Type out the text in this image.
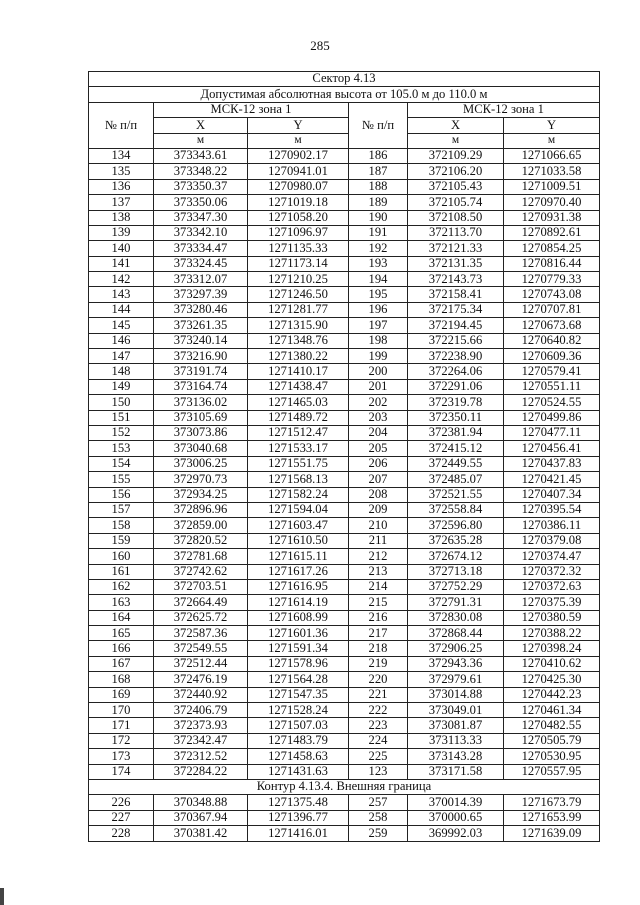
285
Сектор 4.13					
Допустимая абсолютная высота от 105.0 м до 110.0 м					
№ п/п	МСК-12 зона 1		№ п/п	МСК-12 зона 1	
	X	Y		X	Y
	м	м		м	м
134	373343.61	1270902.17	186	372109.29	1271066.65
135	373348.22	1270941.01	187	372106.20	1271033.58
136	373350.37	1270980.07	188	372105.43	1271009.51
137	373350.06	1271019.18	189	372105.74	1270970.40
138	373347.30	1271058.20	190	372108.50	1270931.38
139	373342.10	1271096.97	191	372113.70	1270892.61
140	373334.47	1271135.33	192	372121.33	1270854.25
141	373324.45	1271173.14	193	372131.35	1270816.44
142	373312.07	1271210.25	194	372143.73	1270779.33
143	373297.39	1271246.50	195	372158.41	1270743.08
144	373280.46	1271281.77	196	372175.34	1270707.81
145	373261.35	1271315.90	197	372194.45	1270673.68
146	373240.14	1271348.76	198	372215.66	1270640.82
147	373216.90	1271380.22	199	372238.90	1270609.36
148	373191.74	1271410.17	200	372264.06	1270579.41
149	373164.74	1271438.47	201	372291.06	1270551.11
150	373136.02	1271465.03	202	372319.78	1270524.55
151	373105.69	1271489.72	203	372350.11	1270499.86
152	373073.86	1271512.47	204	372381.94	1270477.11
153	373040.68	1271533.17	205	372415.12	1270456.41
154	373006.25	1271551.75	206	372449.55	1270437.83
155	372970.73	1271568.13	207	372485.07	1270421.45
156	372934.25	1271582.24	208	372521.55	1270407.34
157	372896.96	1271594.04	209	372558.84	1270395.54
158	372859.00	1271603.47	210	372596.80	1270386.11
159	372820.52	1271610.50	211	372635.28	1270379.08
160	372781.68	1271615.11	212	372674.12	1270374.47
161	372742.62	1271617.26	213	372713.18	1270372.32
162	372703.51	1271616.95	214	372752.29	1270372.63
163	372664.49	1271614.19	215	372791.31	1270375.39
164	372625.72	1271608.99	216	372830.08	1270380.59
165	372587.36	1271601.36	217	372868.44	1270388.22
166	372549.55	1271591.34	218	372906.25	1270398.24
167	372512.44	1271578.96	219	372943.36	1270410.62
168	372476.19	1271564.28	220	372979.61	1270425.30
169	372440.92	1271547.35	221	373014.88	1270442.23
170	372406.79	1271528.24	222	373049.01	1270461.34
171	372373.93	1271507.03	223	373081.87	1270482.55
172	372342.47	1271483.79	224	373113.33	1270505.79
173	372312.52	1271458.63	225	373143.28	1270530.95
174	372284.22	1271431.63	123	373171.58	1270557.95
Контур 4.13.4. Внешняя граница					
226	370348.88	1271375.48	257	370014.39	1271673.79
227	370367.94	1271396.77	258	370000.65	1271653.99
228	370381.42	1271416.01	259	369992.03	1271639.09
